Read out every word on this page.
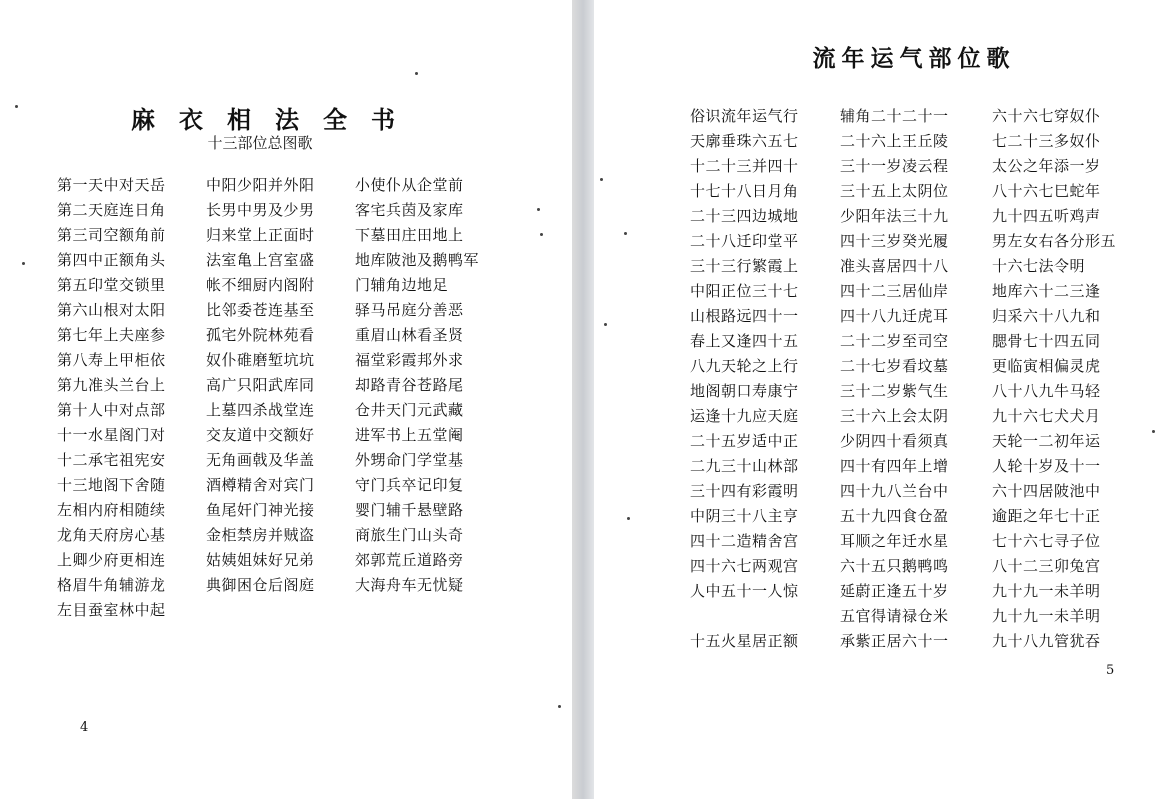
麻衣相法全书
十三部位总图歌
第一天中对天岳
第二天庭连日角
第三司空额角前
第四中正额角头
第五印堂交锁里
第六山根对太阳
第七年上夫座参
第八寿上甲柜依
第九准头兰台上
第十人中对点部
十一水星阁门对
十二承宅祖宪安
十三地阁下舍随
左相内府相随续
龙角天府房心基
上卿少府更相连
格眉牛角辅游龙
左目蚕室林中起
中阳少阳并外阳
长男中男及少男
归来堂上正面时
法室亀上宫室盛
帐不细厨内阁附
比邻委苍连基至
孤宅外院林苑看
奴仆碓磨堑坑坑
高广只阳武库同
上墓四杀战堂连
交友道中交额好
无角画戟及华盖
酒樽精舍对宾门
鱼尾奸门神光接
金柜禁房并贼盗
姑姨姐妹好兄弟
典御困仓后阁庭
小使仆从企堂前
客宅兵茵及家库
下墓田庄田地上
地库陂池及鹅鸭军
门辅角边地足
驿马吊庭分善恶
重眉山林看圣贤
福堂彩霞邦外求
却路青谷苍路尾
仓井天门元武藏
进军书上五堂阉
外甥命门学堂基
守门兵卒记印复
婴门辅千悬壁路
商旅生门山头奇
郊郭荒丘道路旁
大海舟车无忧疑
4
流年运气部位歌
俗识流年运气行
天廓垂珠六五七
十二十三并四十
十七十八日月角
二十三四边城地
二十八迁印堂平
三十三行繁霞上
中阳正位三十七
山根路远四十一
春上又逢四十五
八九天轮之上行
地阁朝口寿康宁
运逢十九应天庭
二十五岁适中正
二九三十山林部
三十四有彩霞明
中阴三十八主亨
四十二造精舍宫
四十六七两观宫
人中五十一人惊
十五火星居正额
辅角二十二十一
二十六上王丘陵
三十一岁凌云程
三十五上太阴位
少阳年法三十九
四十三岁癸光履
准头喜居四十八
四十二三居仙岸
四十八九迁虎耳
二十二岁至司空
二十七岁看坟墓
三十二岁紫气生
三十六上会太阴
少阴四十看须真
四十有四年上增
四十九八兰台中
五十九四食仓盈
耳顺之年迁水星
六十五只鹅鸭鸣
延蔚正逢五十岁
五官得请禄仓米
承紫正居六十一
六十六七穿奴仆
七二十三多奴仆
太公之年添一岁
八十六七巳蛇年
九十四五听鸡声
男左女右各分形五
十六七法令明
地库六十二三逢
归采六十八九和
腮骨七十四五同
更临寅相偏灵虎
八十八九牛马轻
九十六七犬犬月
天轮一二初年运
人轮十岁及十一
六十四居陂池中
逾距之年七十正
七十六七寻子位
八十二三卯兔宫
九十九一未羊明
九十九一未羊明
九十八九管犹吞
5
